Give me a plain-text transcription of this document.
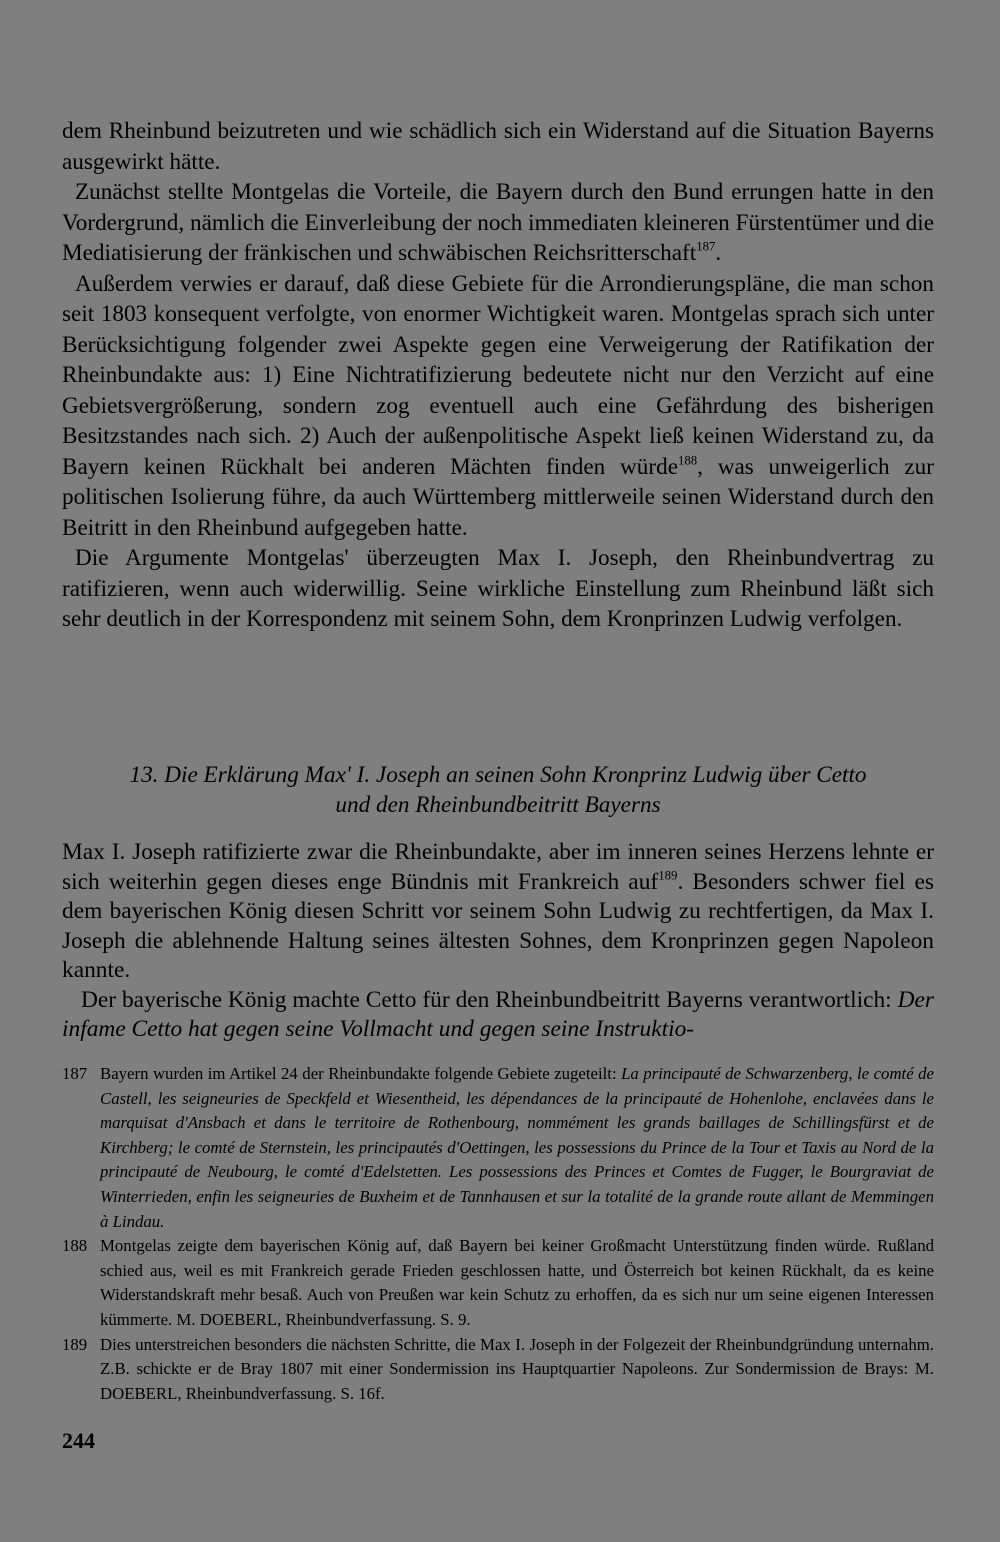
dem Rheinbund beizutreten und wie schädlich sich ein Widerstand auf die Situation Bayerns ausgewirkt hätte.

Zunächst stellte Montgelas die Vorteile, die Bayern durch den Bund errungen hatte in den Vordergrund, nämlich die Einverleibung der noch immediaten kleineren Fürstentümer und die Mediatisierung der fränkischen und schwäbischen Reichsritterschaft$^{187}$.

Außerdem verwies er darauf, daß diese Gebiete für die Arrondierungspläne, die man schon seit 1803 konsequent verfolgte, von enormer Wichtigkeit waren. Montgelas sprach sich unter Berücksichtigung folgender zwei Aspekte gegen eine Verweigerung der Ratifikation der Rheinbundakte aus: 1) Eine Nichtratifizierung bedeutete nicht nur den Verzicht auf eine Gebietsvergrößerung, sondern zog eventuell auch eine Gefährdung des bisherigen Besitzstandes nach sich. 2) Auch der außenpolitische Aspekt ließ keinen Widerstand zu, da Bayern keinen Rückhalt bei anderen Mächten finden würde$^{188}$, was unweigerlich zur politischen Isolierung führe, da auch Württemberg mittlerweile seinen Widerstand durch den Beitritt in den Rheinbund aufgegeben hatte.

Die Argumente Montgelas' überzeugten Max I. Joseph, den Rheinbundvertrag zu ratifizieren, wenn auch widerwillig. Seine wirkliche Einstellung zum Rheinbund läßt sich sehr deutlich in der Korrespondenz mit seinem Sohn, dem Kronprinzen Ludwig verfolgen.

13. Die Erklärung Max' I. Joseph an seinen Sohn Kronprinz Ludwig über Cetto
und den Rheinbundbeitritt Bayerns

Max I. Joseph ratifizierte zwar die Rheinbundakte, aber im inneren seines Herzens lehnte er sich weiterhin gegen dieses enge Bündnis mit Frankreich auf$^{189}$. Besonders schwer fiel es dem bayerischen König diesen Schritt vor seinem Sohn Ludwig zu rechtfertigen, da Max I. Joseph die ablehnende Haltung seines ältesten Sohnes, dem Kronprinzen gegen Napoleon kannte.

Der bayerische König machte Cetto für den Rheinbundbeitritt Bayerns verantwortlich: Der infame Cetto hat gegen seine Vollmacht und gegen seine Instruktio-

187 Bayern wurden im Artikel 24 der Rheinbundakte folgende Gebiete zugeteilt: La principauté de Schwarzenberg, le comté de Castell, les seigneuries de Speckfeld et Wiesentheid, les dépendances de la principauté de Hohenlohe, enclavées dans le marquisat d'Ansbach et dans le territoire de Rothenbourg, nommément les grands baillages de Schillingsfürst et de Kirchberg; le comté de Sternstein, les principautés d'Oettingen, les possessions du Prince de la Tour et Taxis au Nord de la principauté de Neubourg, le comté d'Edelstetten. Les possessions des Princes et Comtes de Fugger, le Bourgraviat de Winterrieden, enfin les seigneuries de Buxheim et de Tannhausen et sur la totalité de la grande route allant de Memmingen à Lindau.

188 Montgelas zeigte dem bayerischen König auf, daß Bayern bei keiner Großmacht Unterstützung finden würde. Rußland schied aus, weil es mit Frankreich gerade Frieden geschlossen hatte, und Österreich bot keinen Rückhalt, da es keine Widerstandskraft mehr besaß. Auch von Preußen war kein Schutz zu erhoffen, da es sich nur um seine eigenen Interessen kümmerte. M. DOEBERL, Rheinbundverfassung. S. 9.

189 Dies unterstreichen besonders die nächsten Schritte, die Max I. Joseph in der Folgezeit der Rheinbundgründung unternahm. Z.B. schickte er de Bray 1807 mit einer Sondermission ins Hauptquartier Napoleons. Zur Sondermission de Brays: M. DOEBERL, Rheinbundverfassung. S. 16f.

244
